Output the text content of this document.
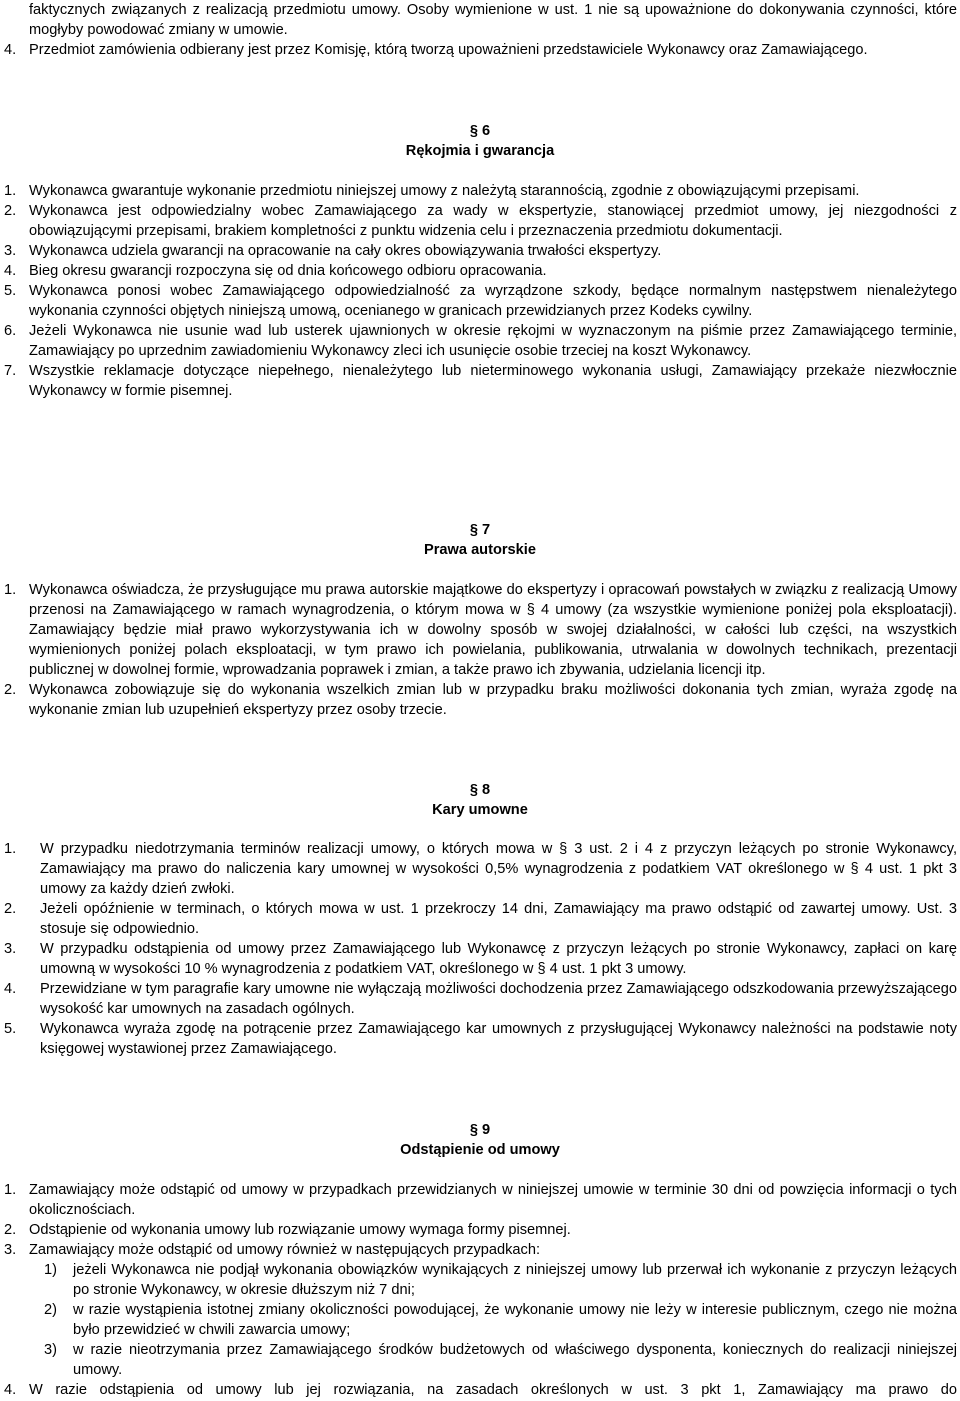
faktycznych związanych z realizacją przedmiotu umowy. Osoby wymienione w ust. 1 nie są upoważnione do dokonywania czynności, które mogłyby powodować zmiany w umowie.
4. Przedmiot zamówienia odbierany jest przez Komisję, którą tworzą upoważnieni przedstawiciele Wykonawcy oraz Zamawiającego.
§ 6
Rękojmia i gwarancja
1. Wykonawca gwarantuje wykonanie przedmiotu niniejszej umowy z należytą starannością, zgodnie z obowiązującymi przepisami.
2. Wykonawca jest odpowiedzialny wobec Zamawiającego za wady w ekspertyzie, stanowiącej przedmiot umowy, jej niezgodności z obowiązującymi przepisami, brakiem kompletności z punktu widzenia celu i przeznaczenia przedmiotu dokumentacji.
3. Wykonawca udziela gwarancji na opracowanie na cały okres obowiązywania trwałości ekspertyzy.
4. Bieg okresu gwarancji rozpoczyna się od dnia końcowego odbioru opracowania.
5. Wykonawca ponosi wobec Zamawiającego odpowiedzialność za wyrządzone szkody, będące normalnym następstwem nienależytego wykonania czynności objętych niniejszą umową, ocenianego w granicach przewidzianych przez Kodeks cywilny.
6. Jeżeli Wykonawca nie usunie wad lub usterek ujawnionych w okresie rękojmi w wyznaczonym na piśmie przez Zamawiającego terminie, Zamawiający po uprzednim zawiadomieniu Wykonawcy zleci ich usunięcie osobie trzeciej na koszt Wykonawcy.
7. Wszystkie reklamacje dotyczące niepełnego, nienależytego lub nieterminowego wykonania usługi, Zamawiający przekaże niezwłocznie Wykonawcy w formie pisemnej.
§ 7
Prawa autorskie
1. Wykonawca oświadcza, że przysługujące mu prawa autorskie majątkowe do ekspertyzy i opracowań powstałych w związku z realizacją Umowy przenosi na Zamawiającego w ramach wynagrodzenia, o którym mowa w § 4 umowy (za wszystkie wymienione poniżej pola eksploatacji). Zamawiający będzie miał prawo wykorzystywania ich w dowolny sposób w swojej działalności, w całości lub części, na wszystkich wymienionych poniżej polach eksploatacji, w tym prawo ich powielania, publikowania, utrwalania w dowolnych technikach, prezentacji publicznej w dowolnej formie, wprowadzania poprawek i zmian, a także prawo ich zbywania, udzielania licencji itp.
2. Wykonawca zobowiązuje się do wykonania wszelkich zmian lub w przypadku braku możliwości dokonania tych zmian, wyraża zgodę na wykonanie zmian lub uzupełnień ekspertyzy przez osoby trzecie.
§ 8
Kary umowne
1.	W przypadku niedotrzymania terminów realizacji umowy, o których mowa w § 3 ust. 2 i 4 z przyczyn leżących po stronie Wykonawcy, Zamawiający ma prawo do naliczenia kary umownej w wysokości 0,5% wynagrodzenia z podatkiem VAT określonego w § 4 ust. 1 pkt 3 umowy za każdy dzień zwłoki.
2.	Jeżeli opóźnienie w terminach, o których mowa w ust. 1 przekroczy 14 dni, Zamawiający ma prawo odstąpić od zawartej umowy. Ust. 3 stosuje się odpowiednio.
3.	W przypadku odstąpienia od umowy przez Zamawiającego lub Wykonawcę z przyczyn leżących po stronie Wykonawcy, zapłaci on karę umowną w wysokości 10 % wynagrodzenia z podatkiem VAT, określonego w § 4 ust. 1 pkt 3 umowy.
4.	Przewidziane w tym paragrafie kary umowne nie wyłączają możliwości dochodzenia przez Zamawiającego odszkodowania przewyższającego wysokość kar umownych na zasadach ogólnych.
5.	Wykonawca wyraża zgodę na potrącenie przez Zamawiającego kar umownych z przysługującej Wykonawcy należności na podstawie noty księgowej wystawionej przez Zamawiającego.
§ 9
Odstąpienie od umowy
1. Zamawiający może odstąpić od umowy w przypadkach przewidzianych w niniejszej umowie w terminie 30 dni od powzięcia informacji o tych okolicznościach.
2. Odstąpienie od wykonania umowy lub rozwiązanie umowy wymaga formy pisemnej.
3. Zamawiający może odstąpić od umowy również w następujących przypadkach:
1)	jeżeli Wykonawca nie podjął wykonania obowiązków wynikających z niniejszej umowy lub przerwał ich wykonanie z przyczyn leżących po stronie Wykonawcy, w okresie dłuższym niż 7 dni;
2)	w razie wystąpienia istotnej zmiany okoliczności powodującej, że wykonanie umowy nie leży w interesie publicznym, czego nie można było przewidzieć w chwili zawarcia umowy;
3)	w razie nieotrzymania przez Zamawiającego środków budżetowych od właściwego dysponenta, koniecznych do realizacji niniejszej umowy.
4. W razie odstąpienia od umowy lub jej rozwiązania, na zasadach określonych w ust. 3 pkt 1, Zamawiający ma prawo do
